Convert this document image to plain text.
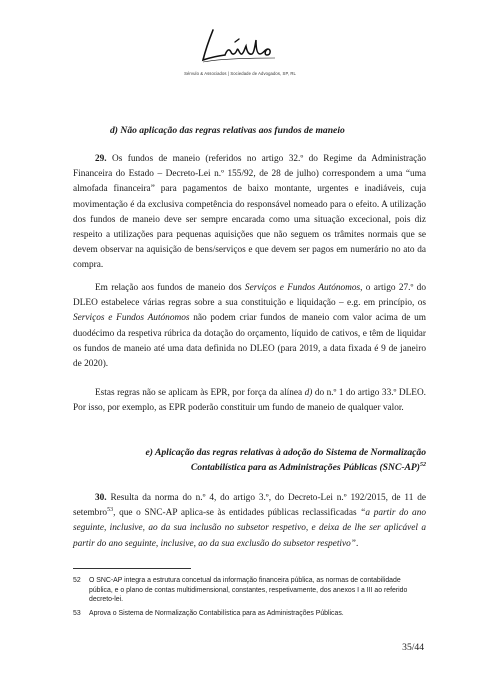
Sérvulo & Associados | Sociedade de Advogados, SP, RL
d) Não aplicação das regras relativas aos fundos de maneio

29. Os fundos de maneio (referidos no artigo 32.º do Regime da Administração Financeira do Estado – Decreto-Lei n.º 155/92, de 28 de julho) correspondem a uma “uma almofada financeira” para pagamentos de baixo montante, urgentes e inadiáveis, cuja movimentação é da exclusiva competência do responsável nomeado para o efeito. A utilização dos fundos de maneio deve ser sempre encarada como uma situação excecional, pois diz respeito a utilizações para pequenas aquisições que não seguem os trâmites normais que se devem observar na aquisição de bens/serviços e que devem ser pagos em numerário no ato da compra.

Em relação aos fundos de maneio dos Serviços e Fundos Autónomos, o artigo 27.º do DLEO estabelece várias regras sobre a sua constituição e liquidação – e.g. em princípio, os Serviços e Fundos Autónomos não podem criar fundos de maneio com valor acima de um duodécimo da respetiva rúbrica da dotação do orçamento, líquido de cativos, e têm de liquidar os fundos de maneio até uma data definida no DLEO (para 2019, a data fixada é 9 de janeiro de 2020).

Estas regras não se aplicam às EPR, por força da alínea d) do n.º 1 do artigo 33.º DLEO. Por isso, por exemplo, as EPR poderão constituir um fundo de maneio de qualquer valor.

e) Aplicação das regras relativas à adoção do Sistema de Normalização
Contabilística para as Administrações Públicas $(SNC-AP)^{52}$

30. Resulta da norma do n.º 4, do artigo 3.º, do Decreto-Lei n.º 192/2015, de 11 de setembro$^{53}$, que o SNC-AP aplica-se às entidades públicas reclassificadas “a partir do ano seguinte, inclusive, ao da sua inclusão no subsetor respetivo, e deixa de lhe ser aplicável a partir do ano seguinte, inclusive, ao da sua exclusão do subsetor respetivo”.

52 O SNC-AP integra a estrutura concetual da informação financeira pública, as normas de contabilidade pública, e o plano de contas multidimensional, constantes, respetivamente, dos anexos I a III ao referido decreto-lei.
53 Aprova o Sistema de Normalização Contabilística para as Administrações Públicas.
35/44
